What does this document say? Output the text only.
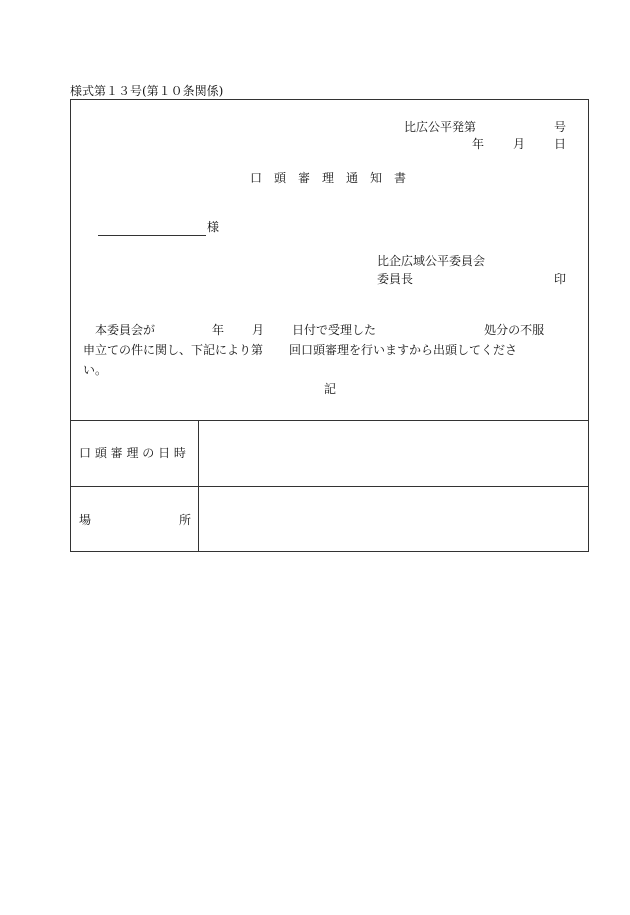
様式第１３号(第１０条関係)
比広公平発第	号
年 月 日
口　頭　審　理　通　知　書
様
比企広域公平委員会
委員長	印
本委員会が	年 月 日付で受理した	処分の不服
申立ての件に関し、下記により第 回口頭審理を行いますから出頭してくださ
い。
記
口 頭 審 理 の 日 時
場	所
